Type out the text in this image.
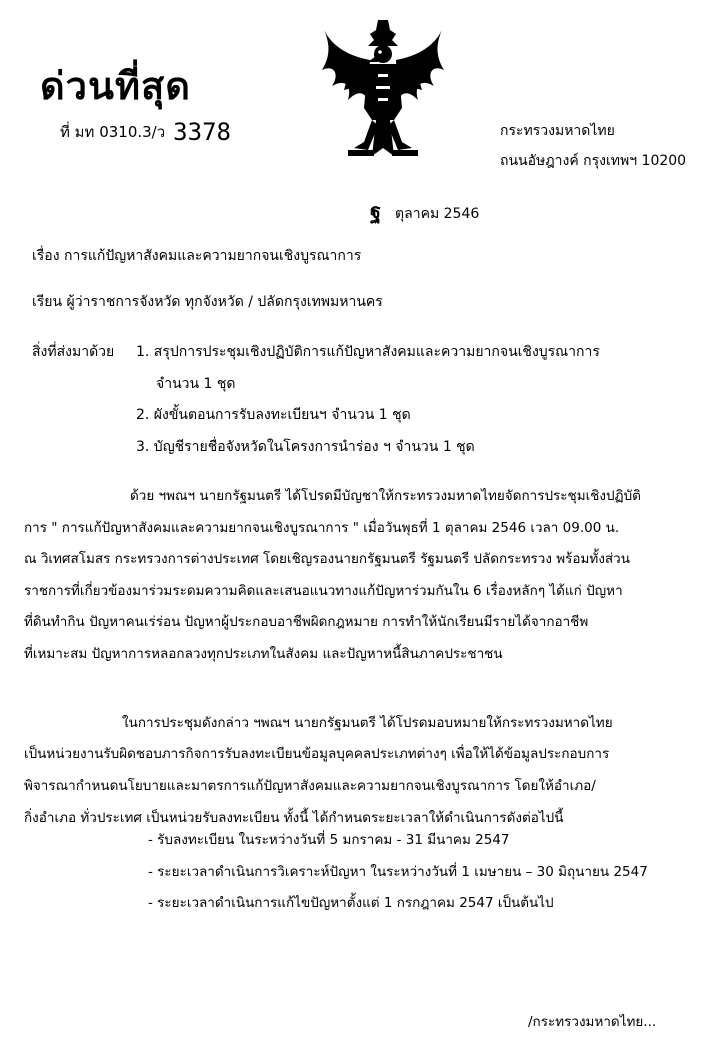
ด่วนที่สุด
ที่ มท 0310.3/ว 3378	กระทรวงมหาดไทย
ถนนอัษฎางค์ กรุงเทพฯ 10200
ฐ ตุลาคม 2546
เรื่อง การแก้ปัญหาสังคมและความยากจนเชิงบูรณาการ
เรียน ผู้ว่าราชการจังหวัด ทุกจังหวัด / ปลัดกรุงเทพมหานคร
สิ่งที่ส่งมาด้วย 1. สรุปการประชุมเชิงปฏิบัติการแก้ปัญหาสังคมและความยากจนเชิงบูรณาการ
จำนวน 1 ชุด
2. ผังขั้นตอนการรับลงทะเบียนฯ จำนวน 1 ชุด
3. บัญชีรายชื่อจังหวัดในโครงการนำร่อง ฯ จำนวน 1 ชุด
ด้วย ฯพณฯ นายกรัฐมนตรี ได้โปรดมีบัญชาให้กระทรวงมหาดไทยจัดการประชุมเชิงปฏิบัติ
การ " การแก้ปัญหาสังคมและความยากจนเชิงบูรณาการ " เมื่อวันพุธที่ 1 ตุลาคม 2546 เวลา 09.00 น.
ณ วิเทศสโมสร กระทรวงการต่างประเทศ โดยเชิญรองนายกรัฐมนตรี รัฐมนตรี ปลัดกระทรวง พร้อมทั้งส่วน
ราชการที่เกี่ยวข้องมาร่วมระดมความคิดและเสนอแนวทางแก้ปัญหาร่วมกันใน 6 เรื่องหลักๆ ได้แก่ ปัญหา
ที่ดินทำกิน ปัญหาคนเร่ร่อน ปัญหาผู้ประกอบอาชีพผิดกฎหมาย การทำให้นักเรียนมีรายได้จากอาชีพ
ที่เหมาะสม ปัญหาการหลอกลวงทุกประเภทในสังคม และปัญหาหนี้สินภาคประชาชน
ในการประชุมดังกล่าว ฯพณฯ นายกรัฐมนตรี ได้โปรดมอบหมายให้กระทรวงมหาดไทย
เป็นหน่วยงานรับผิดชอบภารกิจการรับลงทะเบียนข้อมูลบุคคลประเภทต่างๆ เพื่อให้ได้ข้อมูลประกอบการ
พิจารณากำหนดนโยบายและมาตรการแก้ปัญหาสังคมและความยากจนเชิงบูรณาการ โดยให้อำเภอ/
กิ่งอำเภอ ทั่วประเทศ เป็นหน่วยรับลงทะเบียน ทั้งนี้ ได้กำหนดระยะเวลาให้ดำเนินการดังต่อไปนี้
- รับลงทะเบียน ในระหว่างวันที่ 5 มกราคม - 31 มีนาคม 2547
- ระยะเวลาดำเนินการวิเคราะห์ปัญหา ในระหว่างวันที่ 1 เมษายน – 30 มิถุนายน 2547
- ระยะเวลาดำเนินการแก้ไขปัญหาตั้งแต่ 1 กรกฎาคม 2547 เป็นต้นไป
/กระทรวงมหาดไทย...
